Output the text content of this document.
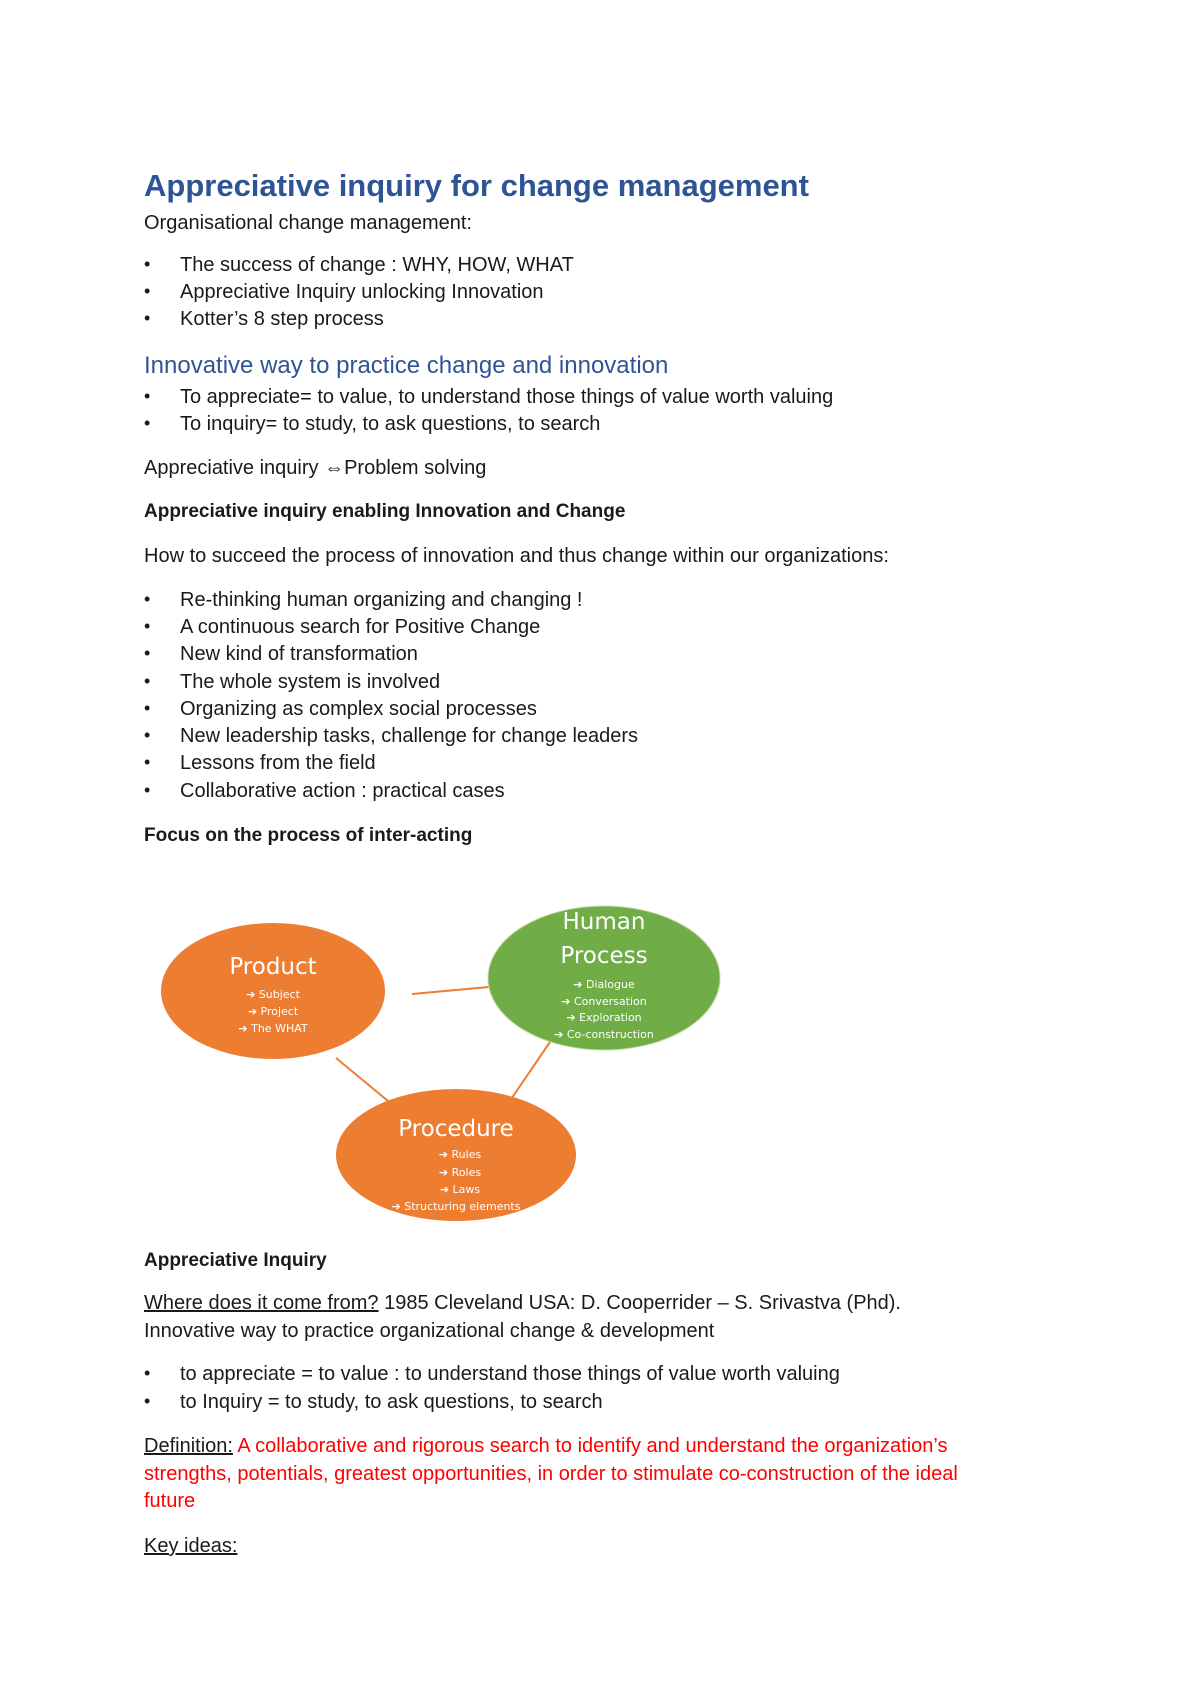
Appreciative inquiry for change management

Organisational change management:

• The success of change : WHY, HOW, WHAT
• Appreciative Inquiry unlocking Innovation
• Kotter’s 8 step process
Innovative way to practice change and innovation
• To appreciate= to value, to understand those things of value worth valuing
• To inquiry= to study, to ask questions, to search

Appreciative inquiry ⇔Problem solving

Appreciative inquiry enabling Innovation and Change

How to succeed the process of innovation and thus change within our organizations:

• Re-thinking human organizing and changing !
• A continuous search for Positive Change
• New kind of transformation
• The whole system is involved
• Organizing as complex social processes
• New leadership tasks, challenge for change leaders
• Lessons from the field
• Collaborative action : practical cases

Focus on the process of inter-acting

Product
➔ Subject
➔ Project
➔ The WHAT
Human
Process
➔ Dialogue
➔ Conversation
➔ Exploration
➔ Co-construction
Procedure
➔ Rules
➔ Roles
➔ Laws
➔ Structuring elements

Appreciative Inquiry

Where does it come from? 1985 Cleveland USA: D. Cooperrider – S. Srivastva (Phd).

Innovative way to practice organizational change & development

• to appreciate = to value : to understand those things of value worth valuing
• to Inquiry = to study, to ask questions, to search

Definition: A collaborative and rigorous search to identify and understand the organization’s

strengths, potentials, greatest opportunities, in order to stimulate co-construction of the ideal

future

Key ideas:
